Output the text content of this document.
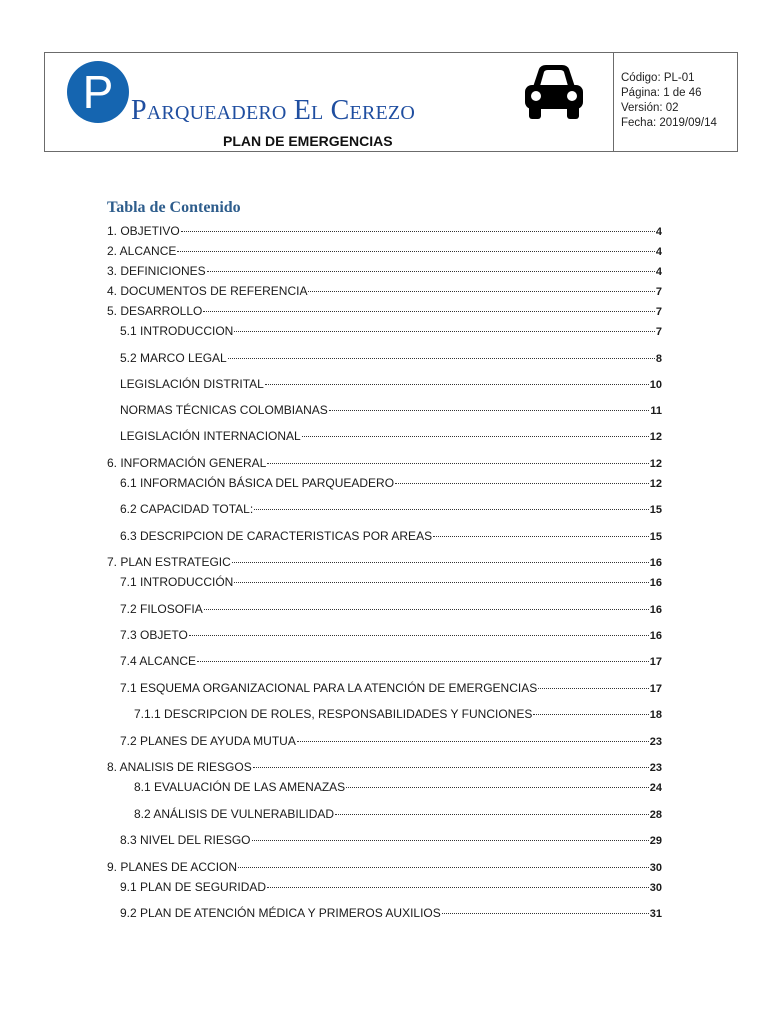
P Parqueadero El Cerezo
PLAN DE EMERGENCIAS
Código: PL-01
Página: 1 de 46
Versión: 02
Fecha: 2019/09/14
Tabla de Contenido
1. OBJETIVO	4
2. ALCANCE	4
3. DEFINICIONES	4
4. DOCUMENTOS DE REFERENCIA	7
5. DESARROLLO	7
5.1 INTRODUCCION	7
5.2 MARCO LEGAL	8
LEGISLACIÓN DISTRITAL	10
NORMAS TÉCNICAS COLOMBIANAS	11
LEGISLACIÓN INTERNACIONAL	12
6. INFORMACIÓN GENERAL	12
6.1 INFORMACIÓN BÁSICA DEL PARQUEADERO	12
6.2 CAPACIDAD TOTAL:	15
6.3 DESCRIPCION DE CARACTERISTICAS POR AREAS	15
7. PLAN ESTRATEGIC	16
7.1 INTRODUCCIÓN	16
7.2 FILOSOFIA	16
7.3 OBJETO	16
7.4 ALCANCE	17
7.1 ESQUEMA ORGANIZACIONAL PARA LA ATENCIÓN DE EMERGENCIAS	17
7.1.1 DESCRIPCION DE ROLES, RESPONSABILIDADES Y FUNCIONES	18
7.2 PLANES DE AYUDA MUTUA	23
8. ANALISIS DE RIESGOS	23
8.1 EVALUACIÓN DE LAS AMENAZAS	24
8.2 ANÁLISIS DE VULNERABILIDAD	28
8.3 NIVEL DEL RIESGO	29
9. PLANES DE ACCION	30
9.1 PLAN DE SEGURIDAD	30
9.2 PLAN DE ATENCIÓN MÉDICA Y PRIMEROS AUXILIOS	31
